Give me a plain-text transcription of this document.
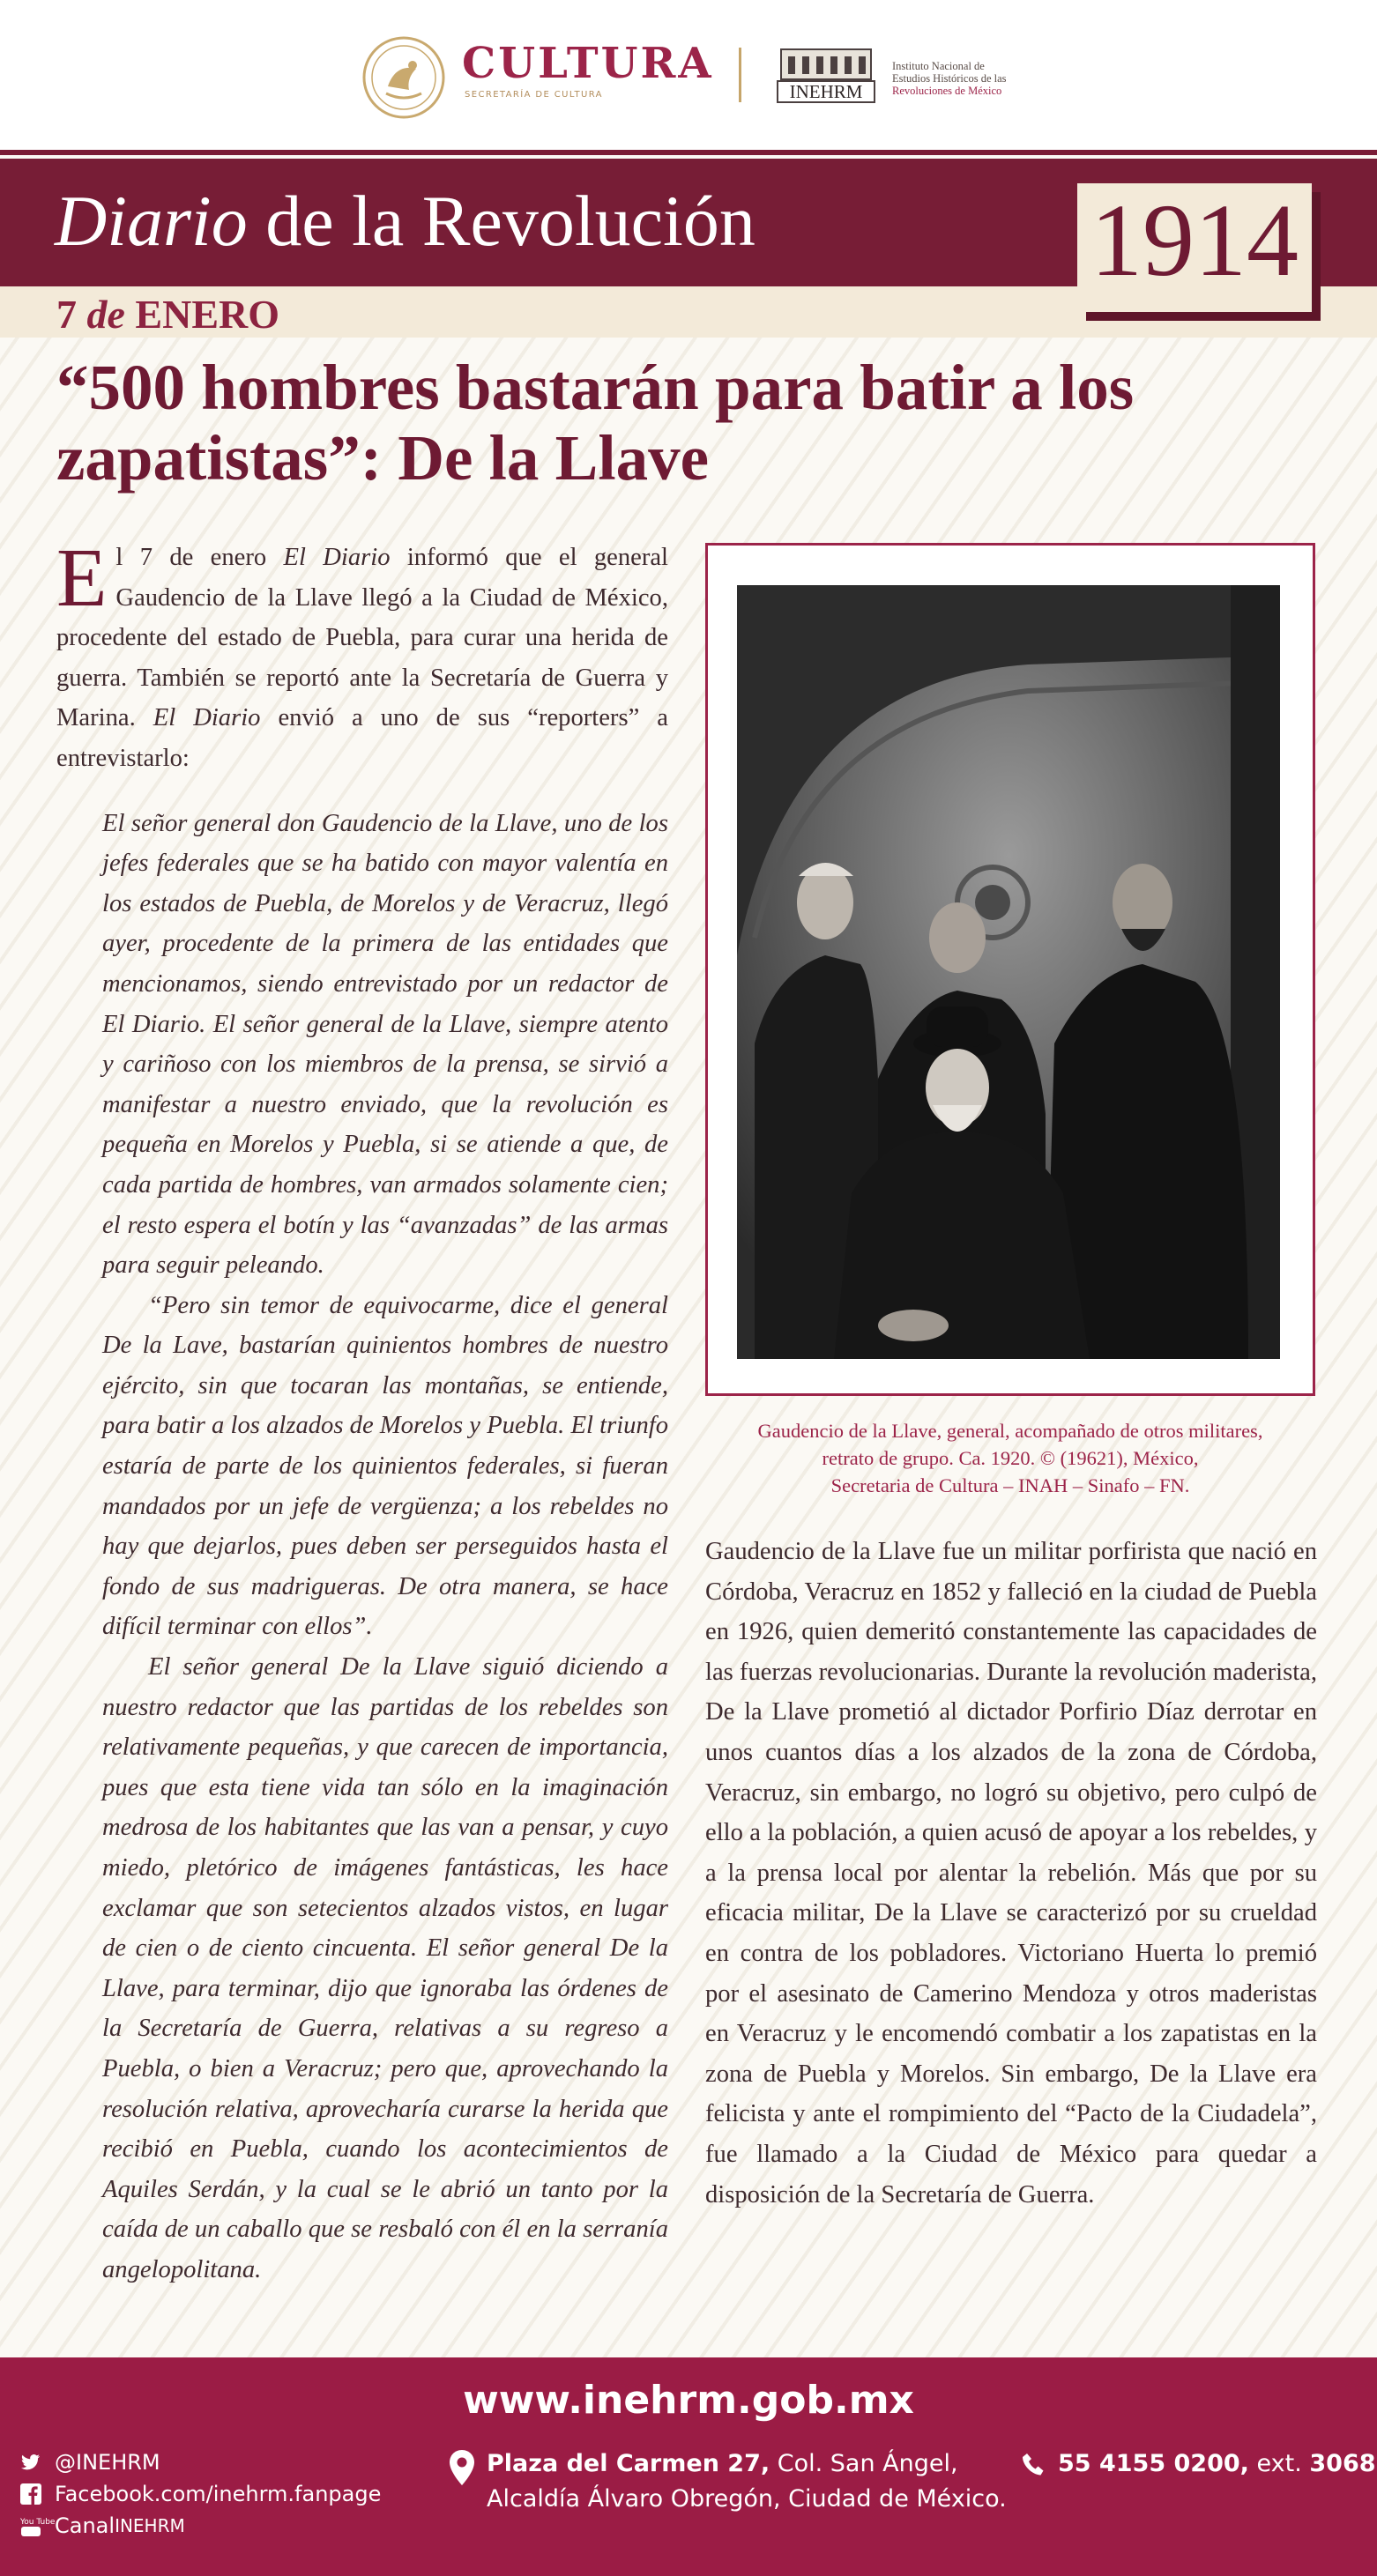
CULTURA
SECRETARÍA DE CULTURA	INEHRM
Instituto Nacional de
Estudios Históricos de las
Revoluciones de México
Diario de la Revolución
7 de ENERO
1914
“500 hombres bastarán para batir a los zapatistas”: De la Llave

El 7 de enero El Diario informó que el general Gaudencio de la Llave llegó a la Ciudad de México, procedente del estado de Puebla, para curar una herida de guerra. También se reportó ante la Secretaría de Guerra y Marina. El Diario envió a uno de sus “reporters” a entrevistarlo:

El señor general don Gaudencio de la Llave, uno de los jefes federales que se ha batido con mayor valentía en los estados de Puebla, de Morelos y de Veracruz, llegó ayer, procedente de la primera de las entidades que mencionamos, siendo entrevistado por un redactor de El Diario. El señor general de la Llave, siempre atento y cariñoso con los miembros de la prensa, se sirvió a manifestar a nuestro enviado, que la revolución es pequeña en Morelos y Puebla, si se atiende a que, de cada partida de hombres, van armados solamente cien; el resto espera el botín y las “avanzadas” de las armas para seguir peleando.

“Pero sin temor de equivocarme, dice el general De la Lave, bastarían quinientos hombres de nuestro ejército, sin que tocaran las montañas, se entiende, para batir a los alzados de Morelos y Puebla. El triunfo estaría de parte de los quinientos federales, si fueran mandados por un jefe de vergüenza; a los rebeldes no hay que dejarlos, pues deben ser perseguidos hasta el fondo de sus madrigueras. De otra manera, se hace difícil terminar con ellos”.

El señor general De la Llave siguió diciendo a nuestro redactor que las partidas de los rebeldes son relativamente pequeñas, y que carecen de importancia, pues que esta tiene vida tan sólo en la imaginación medrosa de los habitantes que las van a pensar, y cuyo miedo, pletórico de imágenes fantásticas, les hace exclamar que son setecientos alzados vistos, en lugar de cien o de ciento cincuenta. El señor general De la Llave, para terminar, dijo que ignoraba las órdenes de la Secretaría de Guerra, relativas a su regreso a Puebla, o bien a Veracruz; pero que, aprovechando la resolución relativa, aprovecharía curarse la herida que recibió en Puebla, cuando los acontecimientos de Aquiles Serdán, y la cual se le abrió un tanto por la caída de un caballo que se resbaló con él en la serranía angelopolitana.

Gaudencio de la Llave, general, acompañado de otros militares,
retrato de grupo. Ca. 1920. © (19621), México,
Secretaria de Cultura – INAH – Sinafo – FN.

Gaudencio de la Llave fue un militar porfirista que nació en Córdoba, Veracruz en 1852 y falleció en la ciudad de Puebla en 1926, quien demeritó constantemente las capacidades de las fuerzas revolucionarias. Durante la revolución maderista, De la Llave prometió al dictador Porfirio Díaz derrotar en unos cuantos días a los alzados de la zona de Córdoba, Veracruz, sin embargo, no logró su objetivo, pero culpó de ello a la población, a quien acusó de apoyar a los rebeldes, y a la prensa local por alentar la rebelión. Más que por su eficacia militar, De la Llave se caracterizó por su crueldad en contra de los pobladores. Victoriano Huerta lo premió por el asesinato de Camerino Mendoza y otros maderistas en Veracruz y le encomendó combatir a los zapatistas en la zona de Puebla y Morelos. Sin embargo, De la Llave era felicista y ante el rompimiento del “Pacto de la Ciudadela”, fue llamado a la Ciudad de México para quedar a disposición de la Secretaría de Guerra.

www.inehrm.gob.mx
@INEHRM
Facebook.com/inehrm.fanpage
You Tube Canal INEHRM
Plaza del Carmen 27, Col. San Ángel,
Alcaldía Álvaro Obregón, Ciudad de México.
55 4155 0200, ext. 3068
